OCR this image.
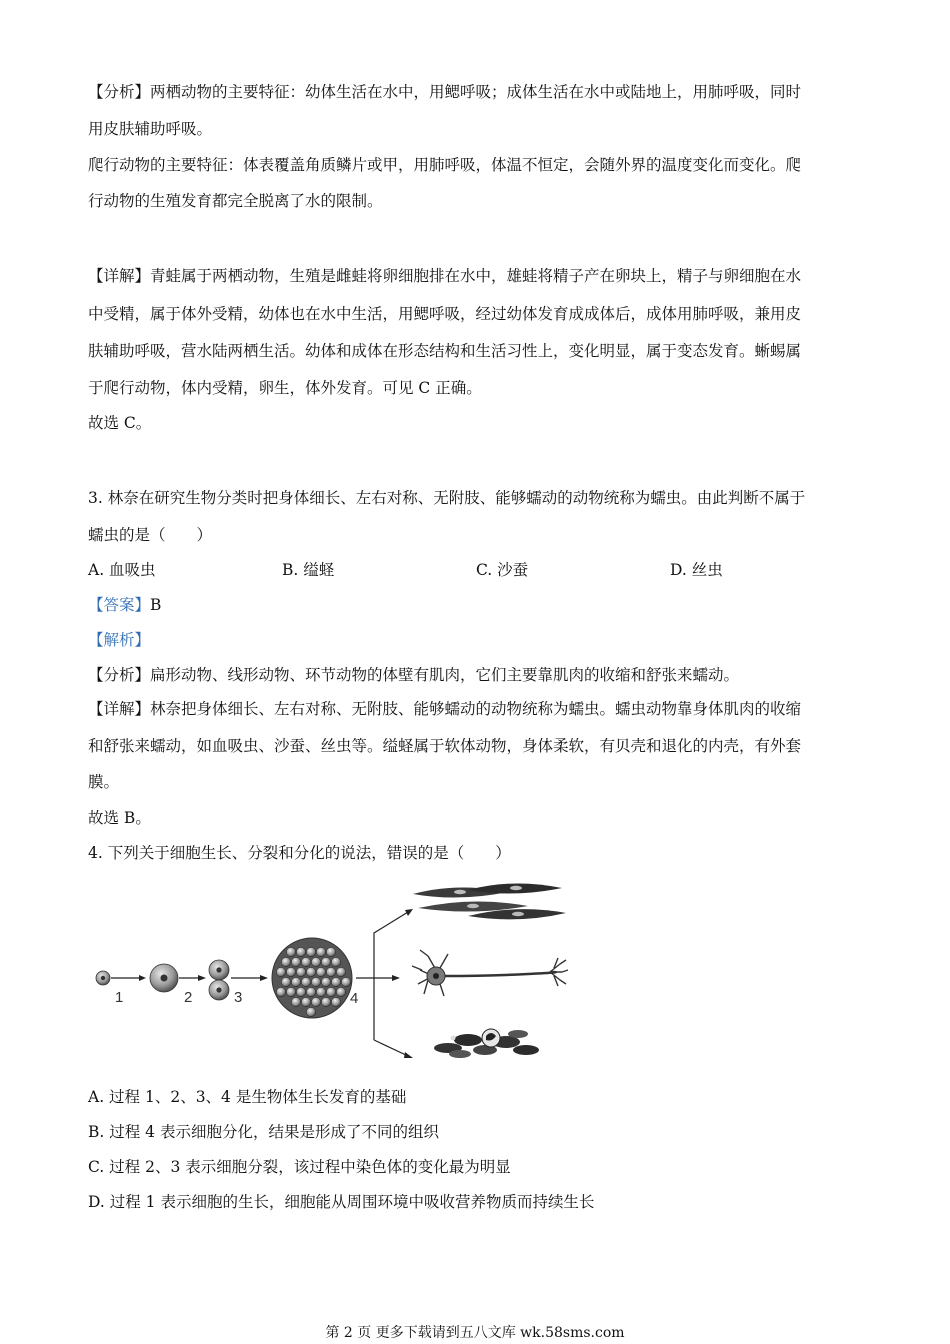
【分析】两栖动物的主要特征：幼体生活在水中，用鳃呼吸；成体生活在水中或陆地上，用肺呼吸，同时
用皮肤辅助呼吸。
爬行动物的主要特征：体表覆盖角质鳞片或甲，用肺呼吸，体温不恒定，会随外界的温度变化而变化。爬
行动物的生殖发育都完全脱离了水的限制。
【详解】青蛙属于两栖动物，生殖是雌蛙将卵细胞排在水中，雄蛙将精子产在卵块上，精子与卵细胞在水
中受精，属于体外受精，幼体也在水中生活，用鳃呼吸，经过幼体发育成成体后，成体用肺呼吸，兼用皮
肤辅助呼吸，营水陆两栖生活。幼体和成体在形态结构和生活习性上，变化明显，属于变态发育。蜥蜴属
于爬行动物，体内受精，卵生，体外发育。可见 C 正确。
故选 C。
3. 林奈在研究生物分类时把身体细长、左右对称、无附肢、能够蠕动的动物统称为蠕虫。由此判断不属于
蠕虫的是（　　）
A. 血吸虫	B. 缢蛏	C. 沙蚕	D. 丝虫
【答案】B
【解析】
【分析】扁形动物、线形动物、环节动物的体壁有肌肉，它们主要靠肌肉的收缩和舒张来蠕动。
【详解】林奈把身体细长、左右对称、无附肢、能够蠕动的动物统称为蠕虫。蠕虫动物靠身体肌肉的收缩
和舒张来蠕动，如血吸虫、沙蚕、丝虫等。缢蛏属于软体动物，身体柔软，有贝壳和退化的内壳，有外套
膜。
故选 B。
4. 下列关于细胞生长、分裂和分化的说法，错误的是（　　）
1	2	3	4
A. 过程 1、2、3、4 是生物体生长发育的基础
B. 过程 4 表示细胞分化，结果是形成了不同的组织
C. 过程 2、3 表示细胞分裂，该过程中染色体的变化最为明显
D. 过程 1 表示细胞的生长，细胞能从周围环境中吸收营养物质而持续生长
第 2 页 更多下载请到五八文库 wk.58sms.com
